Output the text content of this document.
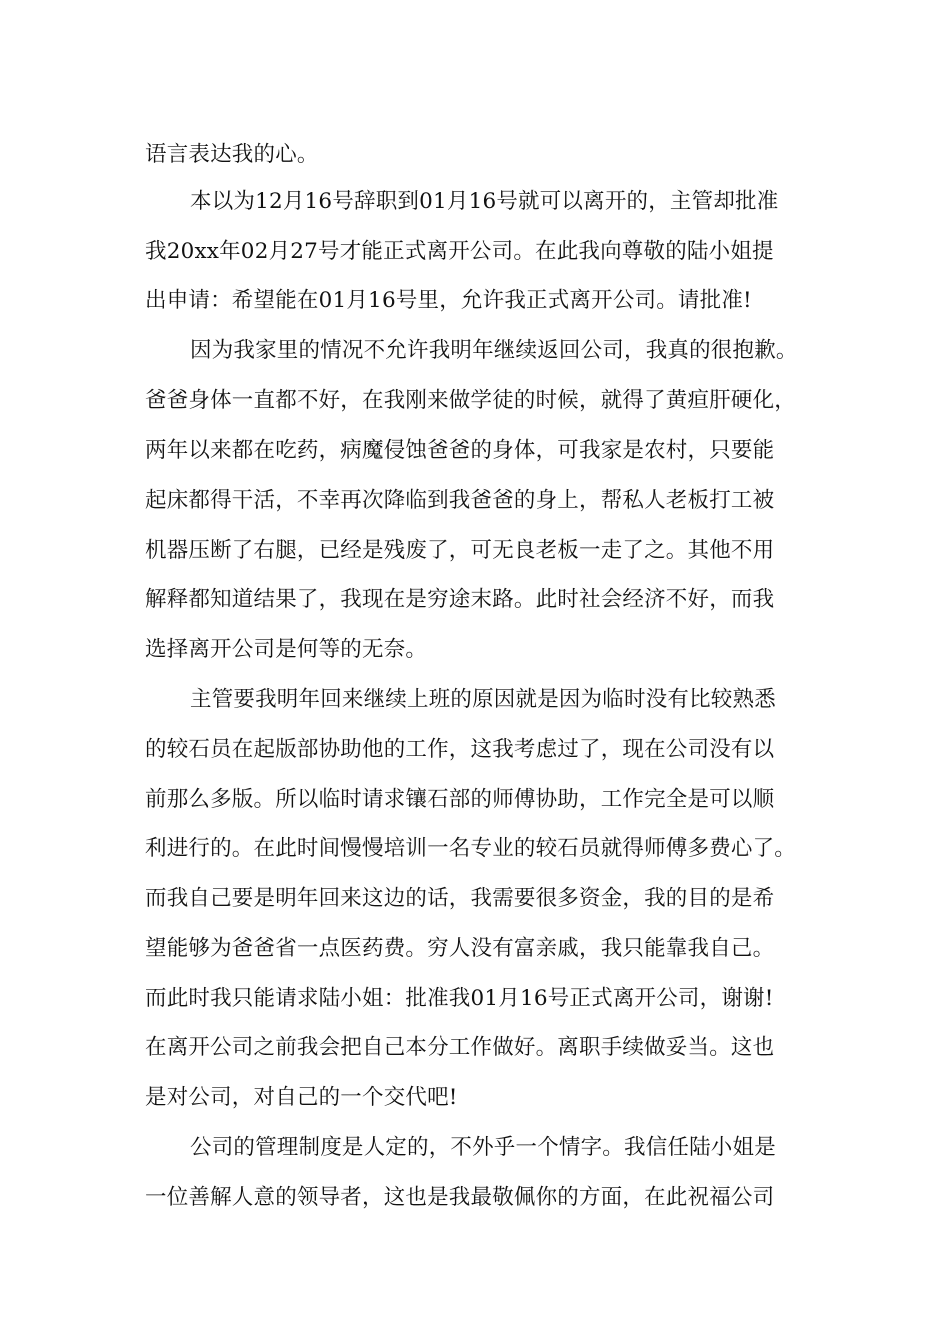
语言表达我的心。

本以为12月16号辞职到01月16号就可以离开的，主管却批准

我20xx年02月27号才能正式离开公司。在此我向尊敬的陆小姐提

出申请：希望能在01月16号里，允许我正式离开公司。请批准!

因为我家里的情况不允许我明年继续返回公司，我真的很抱歉。

爸爸身体一直都不好，在我刚来做学徒的时候，就得了黄疸肝硬化，

两年以来都在吃药，病魔侵蚀爸爸的身体，可我家是农村，只要能

起床都得干活，不幸再次降临到我爸爸的身上，帮私人老板打工被

机器压断了右腿，已经是残废了，可无良老板一走了之。其他不用

解释都知道结果了，我现在是穷途末路。此时社会经济不好，而我

选择离开公司是何等的无奈。

主管要我明年回来继续上班的原因就是因为临时没有比较熟悉

的较石员在起版部协助他的工作，这我考虑过了，现在公司没有以

前那么多版。所以临时请求镶石部的师傅协助，工作完全是可以顺

利进行的。在此时间慢慢培训一名专业的较石员就得师傅多费心了。

而我自己要是明年回来这边的话，我需要很多资金，我的目的是希

望能够为爸爸省一点医药费。穷人没有富亲戚，我只能靠我自己。

而此时我只能请求陆小姐：批准我01月16号正式离开公司，谢谢!

在离开公司之前我会把自己本分工作做好。离职手续做妥当。这也

是对公司，对自己的一个交代吧!

公司的管理制度是人定的，不外乎一个情字。我信任陆小姐是

一位善解人意的领导者，这也是我最敬佩你的方面，在此祝福公司
